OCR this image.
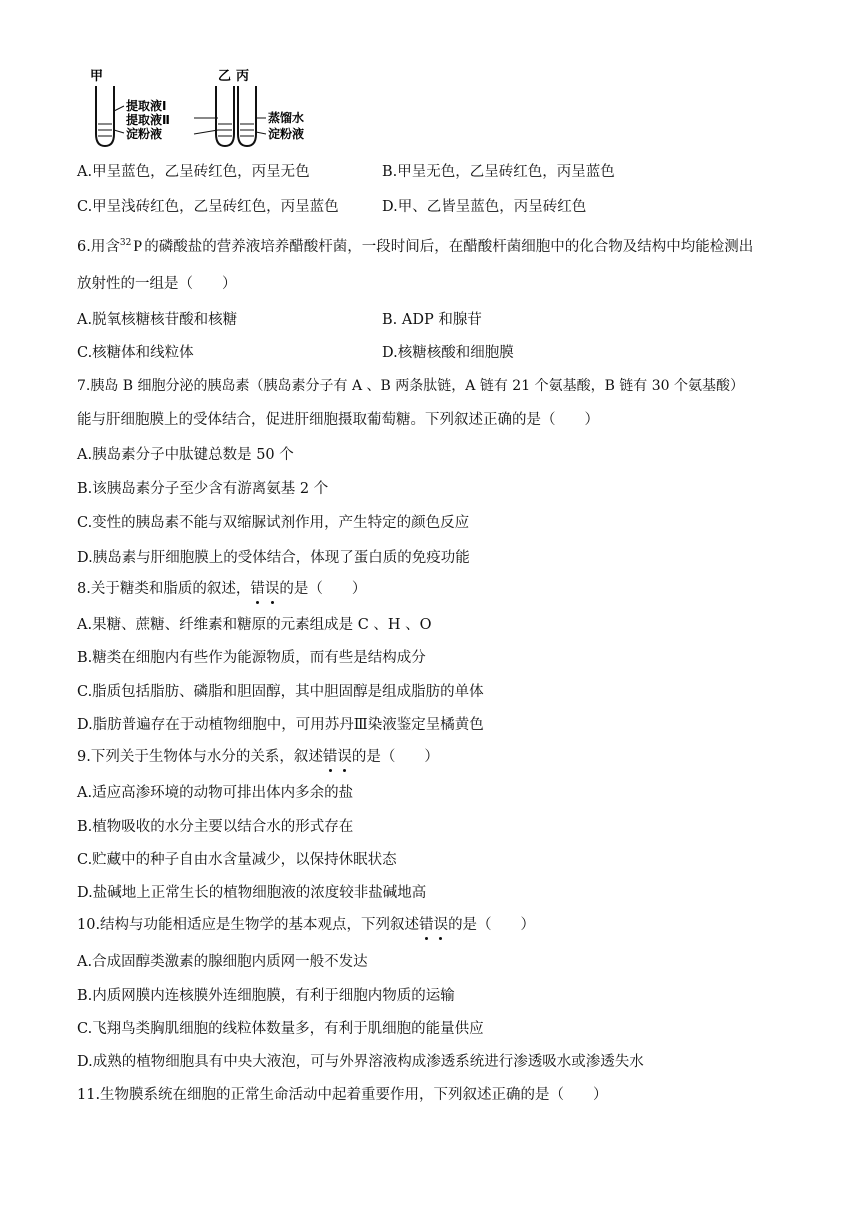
甲	乙 丙
提取液Ⅰ
提取液Ⅱ
淀粉液
蒸馏水
淀粉液
A.甲呈蓝色，乙呈砖红色，丙呈无色	B.甲呈无色，乙呈砖红色，丙呈蓝色
C.甲呈浅砖红色，乙呈砖红色，丙呈蓝色	D.甲、乙皆呈蓝色，丙呈砖红色
6.用含$^{32}$ P 的磷酸盐的营养液培养醋酸杆菌，一段时间后，在醋酸杆菌细胞中的化合物及结构中均能检测出
放射性的一组是（　　）
A.脱氧核糖核苷酸和核糖	B. ADP 和腺苷
C.核糖体和线粒体	D.核糖核酸和细胞膜
7.胰岛 B 细胞分泌的胰岛素（胰岛素分子有 A 、B 两条肽链，A 链有 21 个氨基酸，B 链有 30 个氨基酸）
能与肝细胞膜上的受体结合，促进肝细胞摄取葡萄糖。下列叙述正确的是（　　）
A.胰岛素分子中肽键总数是 50 个
B.该胰岛素分子至少含有游离氨基 2 个
C.变性的胰岛素不能与双缩脲试剂作用，产生特定的颜色反应
D.胰岛素与肝细胞膜上的受体结合，体现了蛋白质的免疫功能
8.关于糖类和脂质的叙述，错误的是（　　）
A.果糖、蔗糖、纤维素和糖原的元素组成是 C 、H 、O
B.糖类在细胞内有些作为能源物质，而有些是结构成分
C.脂质包括脂肪、磷脂和胆固醇，其中胆固醇是组成脂肪的单体
D.脂肪普遍存在于动植物细胞中，可用苏丹Ⅲ染液鉴定呈橘黄色
9.下列关于生物体与水分的关系，叙述错误的是（　　）
A.适应高渗环境的动物可排出体内多余的盐
B.植物吸收的水分主要以结合水的形式存在
C.贮藏中的种子自由水含量减少，以保持休眠状态
D.盐碱地上正常生长的植物细胞液的浓度较非盐碱地高
10.结构与功能相适应是生物学的基本观点，下列叙述错误的是（　　）
A.合成固醇类激素的腺细胞内质网一般不发达
B.内质网膜内连核膜外连细胞膜，有利于细胞内物质的运输
C.飞翔鸟类胸肌细胞的线粒体数量多，有利于肌细胞的能量供应
D.成熟的植物细胞具有中央大液泡，可与外界溶液构成渗透系统进行渗透吸水或渗透失水
11.生物膜系统在细胞的正常生命活动中起着重要作用，下列叙述正确的是（　　）
